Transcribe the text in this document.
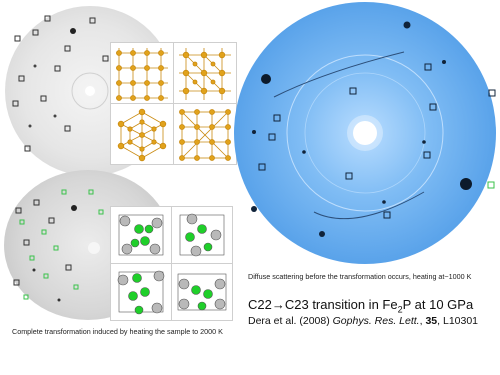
Diffuse scattering before the transformation occurs, heating at~1000 K
C22→C23 transition in $Fe_2P$ at 10 GPa
Dera et al. (2008) Gophys. Res. Lett., 35, L10301
Complete transformation induced by heating the sample to 2000 K
